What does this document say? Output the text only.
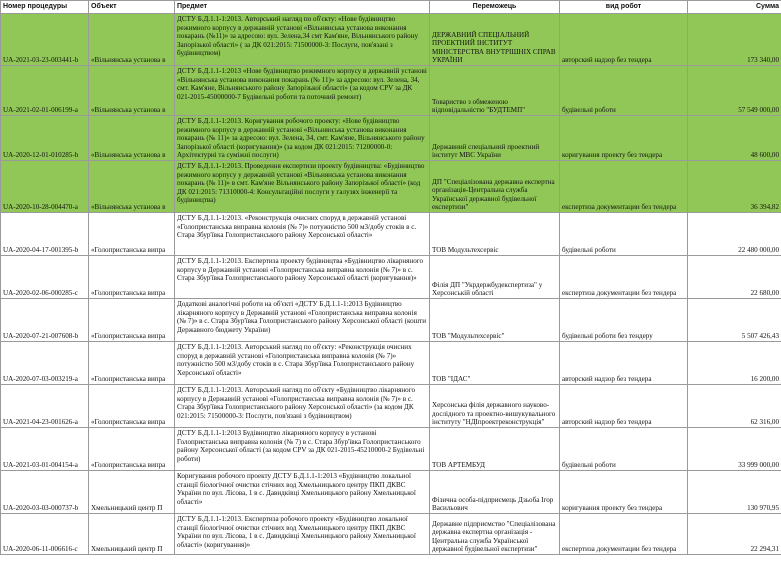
Номер процедуры	Объект	Предмет	Переможець	вид робот	Сумма
UA-2021-03-23-003441-b	«Вільнянська установа в	ДСТУ Б.Д.1.1-1:2013. Авторський нагляд по об'єкту: «Нове будівництво режимного корпусу в державній установі «Вільнянська установа виконання покарань (№11)» за адресою: вул. Зелена,34 смт Кам'яне, Вільнянського району Запорізької області» ( за ДК 021:2015: 71500000-3: Послуги, пов'язані з будівництвом)	ДЕРЖАВНИЙ СПЕЦІАЛЬНИЙ ПРОЕКТНИЙ ІНСТИТУТ МІНІСТЕРСТВА ВНУТРІШНІХ СПРАВ УКРАЇНИ	авторский надзор без тендера	173 340,00
UA-2021-02-01-006199-a	«Вільнянська установа в	ДСТУ Б.Д.1.1-1:2013 «Нове будівництво режимного корпусу в державній установі «Вільнянська установа виконання покарань (№ 11)» за адресою: вул. Зелена, 34, смт. Кам'яне, Вільнянського району Запорізької області» (за кодом CPV за ДК 021-2015-45000000-7 Будівельні роботи та поточний ремонт)	Товариство з обмеженою відповідальністю "БУДТЕМП"	будівельні роботи	57 549 000,00
UA-2020-12-01-010285-b	«Вільнянська установа в	ДСТУ Б.Д.1.1-1:2013. Коригування робочого проекту: «Нове будівництво режимного корпусу в державній установі «Вільнянська установа виконання покарань (№ 11)» за адресою: вул. Зелена, 34, смт. Кам'яне, Вільнянського району Запорізької області (коригування)» (за кодом ДК 021:2015: 71200000-0: Архітектурні та суміжні послуги)	Державний спеціальний проектний інститут МВС України	коригування проекту без тендера	48 600,00
UA-2020-10-28-004470-a	«Вільнянська установа в	ДСТУ Б.Д.1.1-1:2013. Проведення експертизи проекту будівництва: «Будівництво режимного корпусу у державній установі «Вільнянська установа виконання покарань (№ 11)» в смт. Кам'яне Вільнянського району Запорізької області» (код ДК 021:2015: 71310000-4: Консультаційні послуги у галузях інженерії та будівництва)	ДП "Спеціалізована державна експертна організація-Центральна служба Української державної будівельної експертизи"	експертиза документации без тендера	36 394,82
UA-2020-04-17-001395-b	«Голопристанська випра	ДСТУ Б.Д.1.1-1:2013. «Реконструкція очисних споруд в державній установі «Голопристанська виправна колонія (№ 7)» потужністю 500 м3/добу стоків в с. Стара Збур'ївка Голопристанського району Херсонської області»	ТОВ Модультехсервіс	будівельні роботи	22 480 000,00
UA-2020-02-06-000285-c	«Голопристанська випра	ДСТУ Б.Д.1.1-1:2013. Експертиза проекту будівництва «Будівництво лікарняного корпусу в Державній установі «Голопристанська виправна колонія (№ 7)» в с. Стара Збур'ївка Голопристанського району Херсонської області (коригування)»	Філія ДП "Укрдержбудекспертиза" у Херсонській області	експертиза документации без тендера	22 680,00
UA-2020-07-21-007608-b	«Голопристанська випра	Додаткові аналогічні роботи на об'єкті «ДСТУ Б.Д.1.1-1:2013 Будівництво лікарняного корпусу в Державній установі «Голопристанська виправна колонія (№ 7)» в с. Стара Збур'ївка Голопристанського району Херсонської області (кошти Державного бюджету України)	ТОВ "Модультехсервіс"	будівельні роботи без тендеру	5 507 426,43
UA-2020-07-03-003219-a	«Голопристанська випра	ДСТУ Б.Д.1.1-1:2013. Авторський нагляд по об'єкту: «Реконструкція очисних споруд в державній установі «Голопристанська виправна колонія (№ 7)» потужністю 500 м3/добу стоків в с. Стара Збур'ївка Голопристанського району Херсонської області»	ТОВ "ІДАС"	авторский надзор без тендера	16 200,00
UA-2021-04-23-001626-a	«Голопристанська випра	ДСТУ Б.Д.1.1-1:2013. Авторський нагляд по об'єкту «Будівництво лікарняного корпусу в Державній установі «Голопристанська виправна колонія (№ 7)» в с. Стара Збур'ївка Голопристанського району Херсонської області» (за кодом ДК 021:2015: 71500000-3: Послуги, пов'язані з будівництвом)	Херсонська філія державного науково-дослідного та проектно-вишукувального інституту "НДІпроектреконструкція"	авторский надзор без тендера	62 316,00
UA-2021-03-01-004154-a	«Голопристанська випра	ДСТУ Б.Д.1.1-1:2013 Будівництво лікарняного корпусу в установі Голопристанська виправна колонія (№ 7) в с. Стара Збур'ївка Голопристанського району Херсонської області (за кодом CPV за ДК 021-2015-45210000-2 Будівельні роботи)	ТОВ АРТЕМБУД	будівельні роботи	33 999 000,00
UA-2020-03-03-000737-b	Хмельницький центр П	Коригування робочого проекту ДСТУ Б.Д.1.1-1:2013 «Будівництво локальної станції біологічної очистки стічних вод Хмельницького центру ПКП ДКВС України по вул. Лісова, 1 в с. Давидківці Хмельницького району Хмельницької області»	Фізична особа-підприємець Дзьоба Ігор Васильович	коригування проекту без тендера	130 970,95
UA-2020-06-11-006616-c	Хмельницький центр П	ДСТУ Б.Д.1.1-1:2013. Експертиза робочого проекту «Будівництво локальної станції біологічної очистки стічних вод Хмельницького центру ПКП ДКВС України по вул. Лісова, 1 в с. Давидківці Хмельницького району Хмельницької області» (коригування)»	Державне підприємство "Спеціалізована державна експертна організація - Центральна служба Української державної будівельної експертизи"	експертиза документации без тендера	22 294,31
